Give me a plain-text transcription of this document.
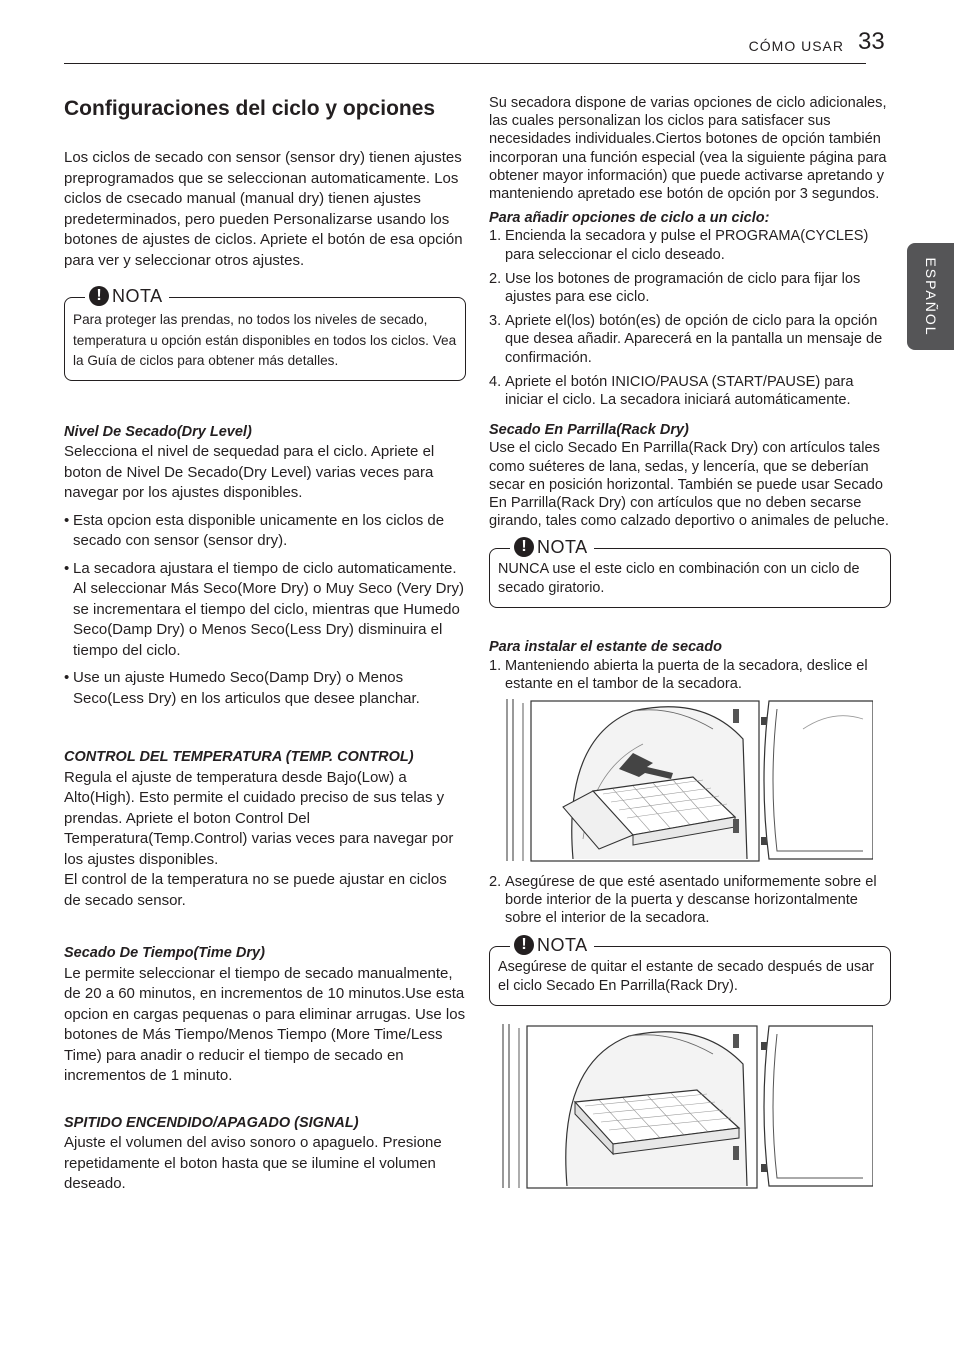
CÓMO USAR 33
ESPAÑOL
Configuraciones del ciclo y opciones

Los ciclos de secado con sensor (sensor dry) tienen ajustes preprogramados que se seleccionan automaticamente. Los ciclos de csecado manual (manual dry) tienen ajustes predeterminados, pero pueden Personalizarse usando los botones de ajustes de ciclos. Apriete el botón de esa opción para ver y seleccionar otros ajustes.

! NOTA
Para proteger las prendas, no todos los niveles de secado, temperatura u opción están disponibles en todos los ciclos. Vea la Guía de ciclos para obtener más detalles.

Nivel De Secado(Dry Level)

Selecciona el nivel de sequedad para el ciclo. Apriete el boton de Nivel De Secado(Dry Level) varias veces para navegar por los ajustes disponibles.

• Esta opcion esta disponible unicamente en los ciclos de secado con sensor (sensor dry).
• La secadora ajustara el tiempo de ciclo automaticamente. Al seleccionar Más Seco(More Dry) o Muy Seco (Very Dry) se incrementara el tiempo del ciclo, mientras que Humedo Seco(Damp Dry) o Menos Seco(Less Dry) disminuira el tiempo del ciclo.
• Use un ajuste Humedo Seco(Damp Dry) o Menos Seco(Less Dry) en los articulos que desee planchar.

CONTROL DEL TEMPERATURA (TEMP. CONTROL)

Regula el ajuste de temperatura desde Bajo(Low) a Alto(High). Esto permite el cuidado preciso de sus telas y prendas. Apriete el boton Control Del Temperatura(Temp.Control) varias veces para navegar por los ajustes disponibles.

El control de la temperatura no se puede ajustar en ciclos de secado sensor.

Secado De Tiempo(Time Dry)

Le permite seleccionar el tiempo de secado manualmente, de 20 a 60 minutos, en incrementos de 10 minutos.Use esta opcion en cargas pequenas o para eliminar arrugas. Use los botones de Más Tiempo/Menos Tiempo (More Time/Less Time) para anadir o reducir el tiempo de secado en incrementos de 1 minuto.

SPITIDO ENCENDIDO/APAGADO (SIGNAL)

Ajuste el volumen del aviso sonoro o apaguelo. Presione repetidamente el boton hasta que se ilumine el volumen deseado.

Su secadora dispone de varias opciones de ciclo adicionales, las cuales personalizan los ciclos para satisfacer sus necesidades individuales.Ciertos botones de opción también incorporan una función especial (vea la siguiente página para obtener mayor información) que puede activarse apretando y manteniendo apretado ese botón de opción por 3 segundos.

Para añadir opciones de ciclo a un ciclo:

1. Encienda la secadora y pulse el PROGRAMA(CYCLES) para seleccionar el ciclo deseado.
2. Use los botones de programación de ciclo para fijar los ajustes para ese ciclo.
3. Apriete el(los) botón(es) de opción de ciclo para la opción que desea añadir. Aparecerá en la pantalla un mensaje de confirmación.
4. Apriete el botón INICIO/PAUSA (START/PAUSE) para iniciar el ciclo. La secadora iniciará automáticamente.

Secado En Parrilla(Rack Dry)

Use el ciclo Secado En Parrilla(Rack Dry) con artículos tales como suéteres de lana, sedas, y lencería, que se deberían secar en posición horizontal. También se puede usar Secado En Parrilla(Rack Dry) con artículos que no deben secarse girando, tales como calzado deportivo o animales de peluche.

! NOTA
NUNCA use el este ciclo en combinación con un ciclo de secado giratorio.

Para instalar el estante de secado

1. Manteniendo abierta la puerta de la secadora, deslice el estante en el tambor de la secadora.
2. Asegúrese de que esté asentado uniformemente sobre el borde interior de la puerta y descanse horizontalmente sobre el interior de la secadora.
! NOTA
Asegúrese de quitar el estante de secado después de usar el ciclo Secado En Parrilla(Rack Dry).
